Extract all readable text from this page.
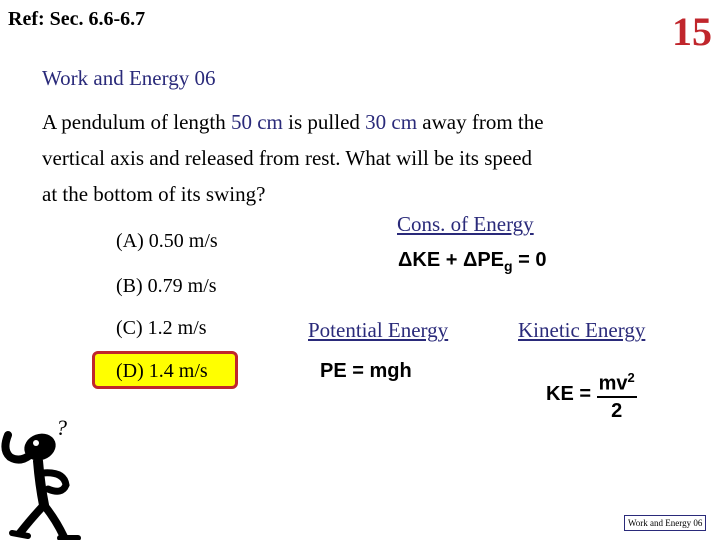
Ref: Sec. 6.6-6.7	15
Work and Energy 06
A pendulum of length 50 cm is pulled 30 cm away from the
vertical axis and released from rest. What will be its speed
at the bottom of its swing?
(A) 0.50 m/s
(B) 0.79 m/s
(C) 1.2 m/s
(D) 1.4 m/s
Cons. of Energy
$\Delta KE + \Delta PE_g = 0$
Potential Energy
PE = mgh
Kinetic Energy
KE = $\frac{mv^2}{2}$
?
Work and Energy 06
